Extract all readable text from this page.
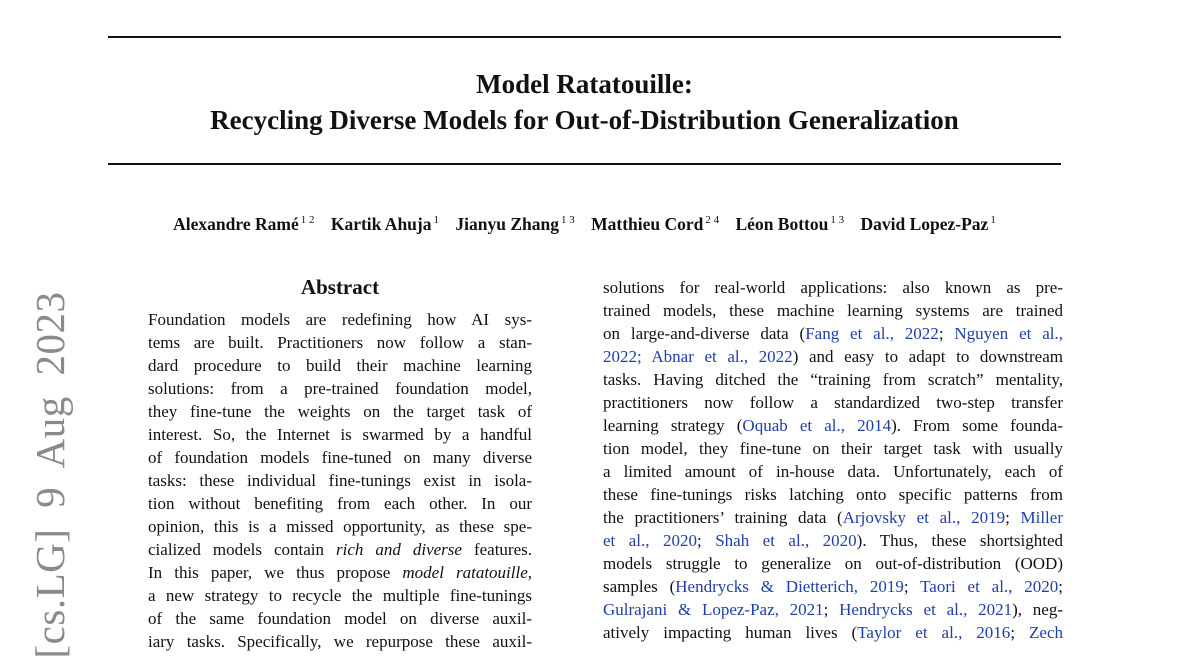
Model Ratatouille:
Recycling Diverse Models for Out-of-Distribution Generalization
Alexandre Ramé $^{1 2}$ Kartik Ahuja $^1$ Jianyu Zhang $^{1 3}$ Matthieu Cord $^{2 4}$ Léon Bottou $^{1 3}$ David Lopez-Paz $^1$
[cs.LG] 9 Aug 2023
Abstract
Foundation models are redefining how AI sys-
tems are built. Practitioners now follow a stan-
dard procedure to build their machine learning
solutions: from a pre-trained foundation model,
they fine-tune the weights on the target task of
interest. So, the Internet is swarmed by a handful
of foundation models fine-tuned on many diverse
tasks: these individual fine-tunings exist in isola-
tion without benefiting from each other. In our
opinion, this is a missed opportunity, as these spe-
cialized models contain rich and diverse features.
In this paper, we thus propose model ratatouille,
a new strategy to recycle the multiple fine-tunings
of the same foundation model on diverse auxil-
iary tasks. Specifically, we repurpose these auxil-
solutions for real-world applications: also known as pre-
trained models, these machine learning systems are trained
on large-and-diverse data (Fang et al., 2022; Nguyen et al.,
2022; Abnar et al., 2022) and easy to adapt to downstream
tasks. Having ditched the “training from scratch” mentality,
practitioners now follow a standardized two-step transfer
learning strategy (Oquab et al., 2014). From some founda-
tion model, they fine-tune on their target task with usually
a limited amount of in-house data. Unfortunately, each of
these fine-tunings risks latching onto specific patterns from
the practitioners’ training data (Arjovsky et al., 2019; Miller
et al., 2020; Shah et al., 2020). Thus, these shortsighted
models struggle to generalize on out-of-distribution (OOD)
samples (Hendrycks & Dietterich, 2019; Taori et al., 2020;
Gulrajani & Lopez-Paz, 2021; Hendrycks et al., 2021), neg-
atively impacting human lives (Taylor et al., 2016; Zech
